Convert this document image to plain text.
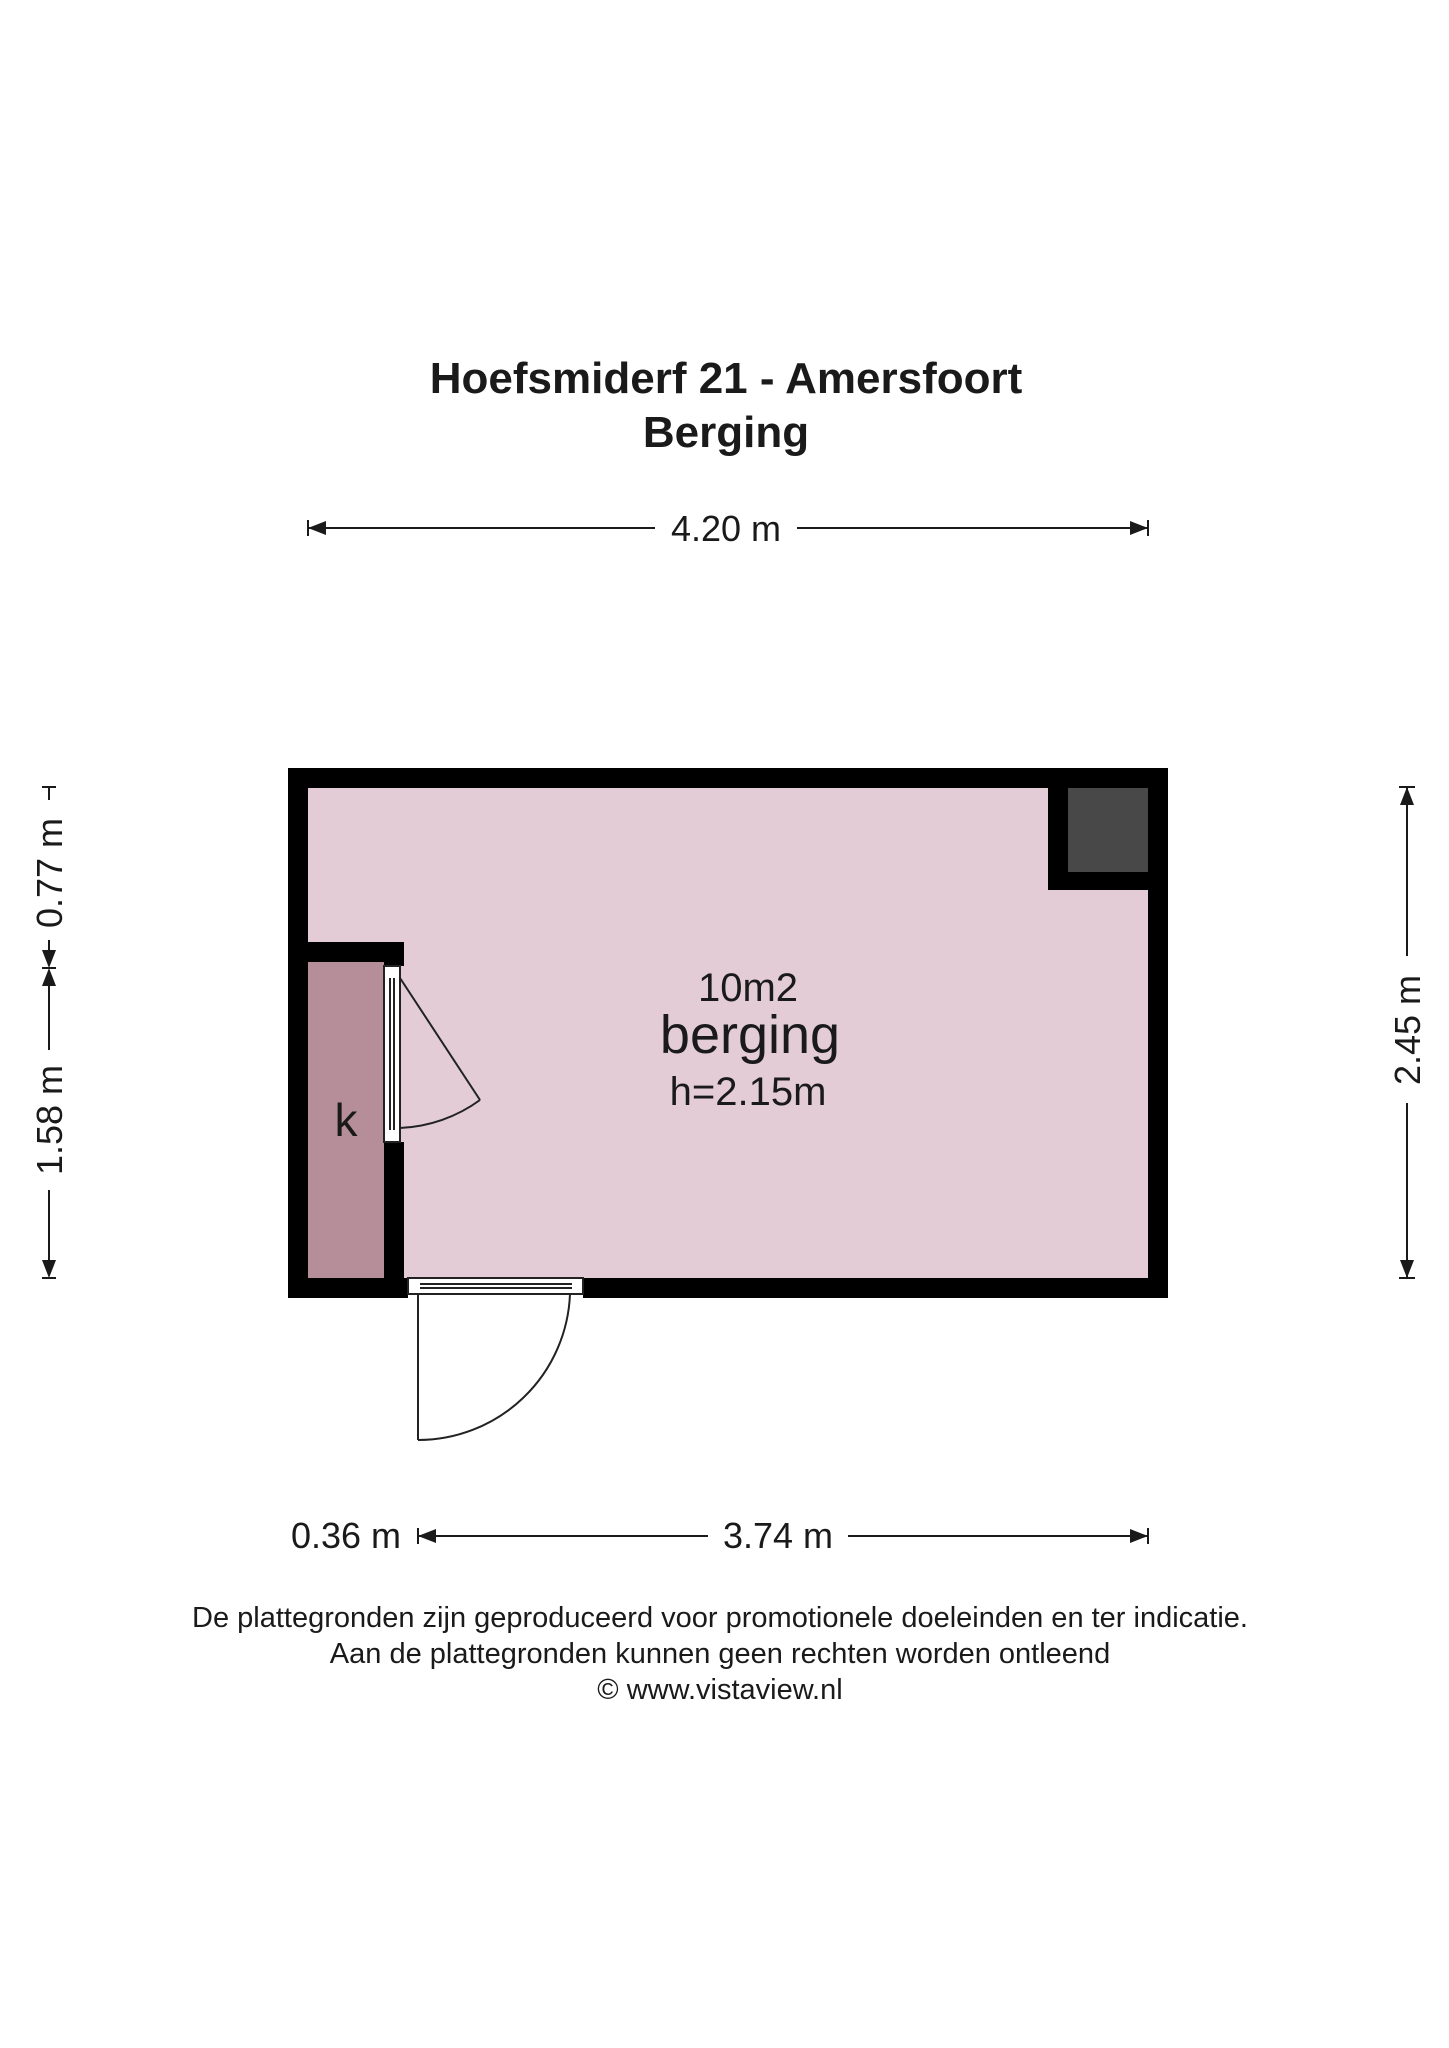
Hoefsmiderf 21 - Amersfoort
Berging
4.20 m
2.45 m
0.77 m
1.58 m
10m2
berging
h=2.15m
k
0.36 m	3.74 m
De plattegronden zijn geproduceerd voor promotionele doeleinden en ter indicatie.
Aan de plattegronden kunnen geen rechten worden ontleend
© www.vistaview.nl
